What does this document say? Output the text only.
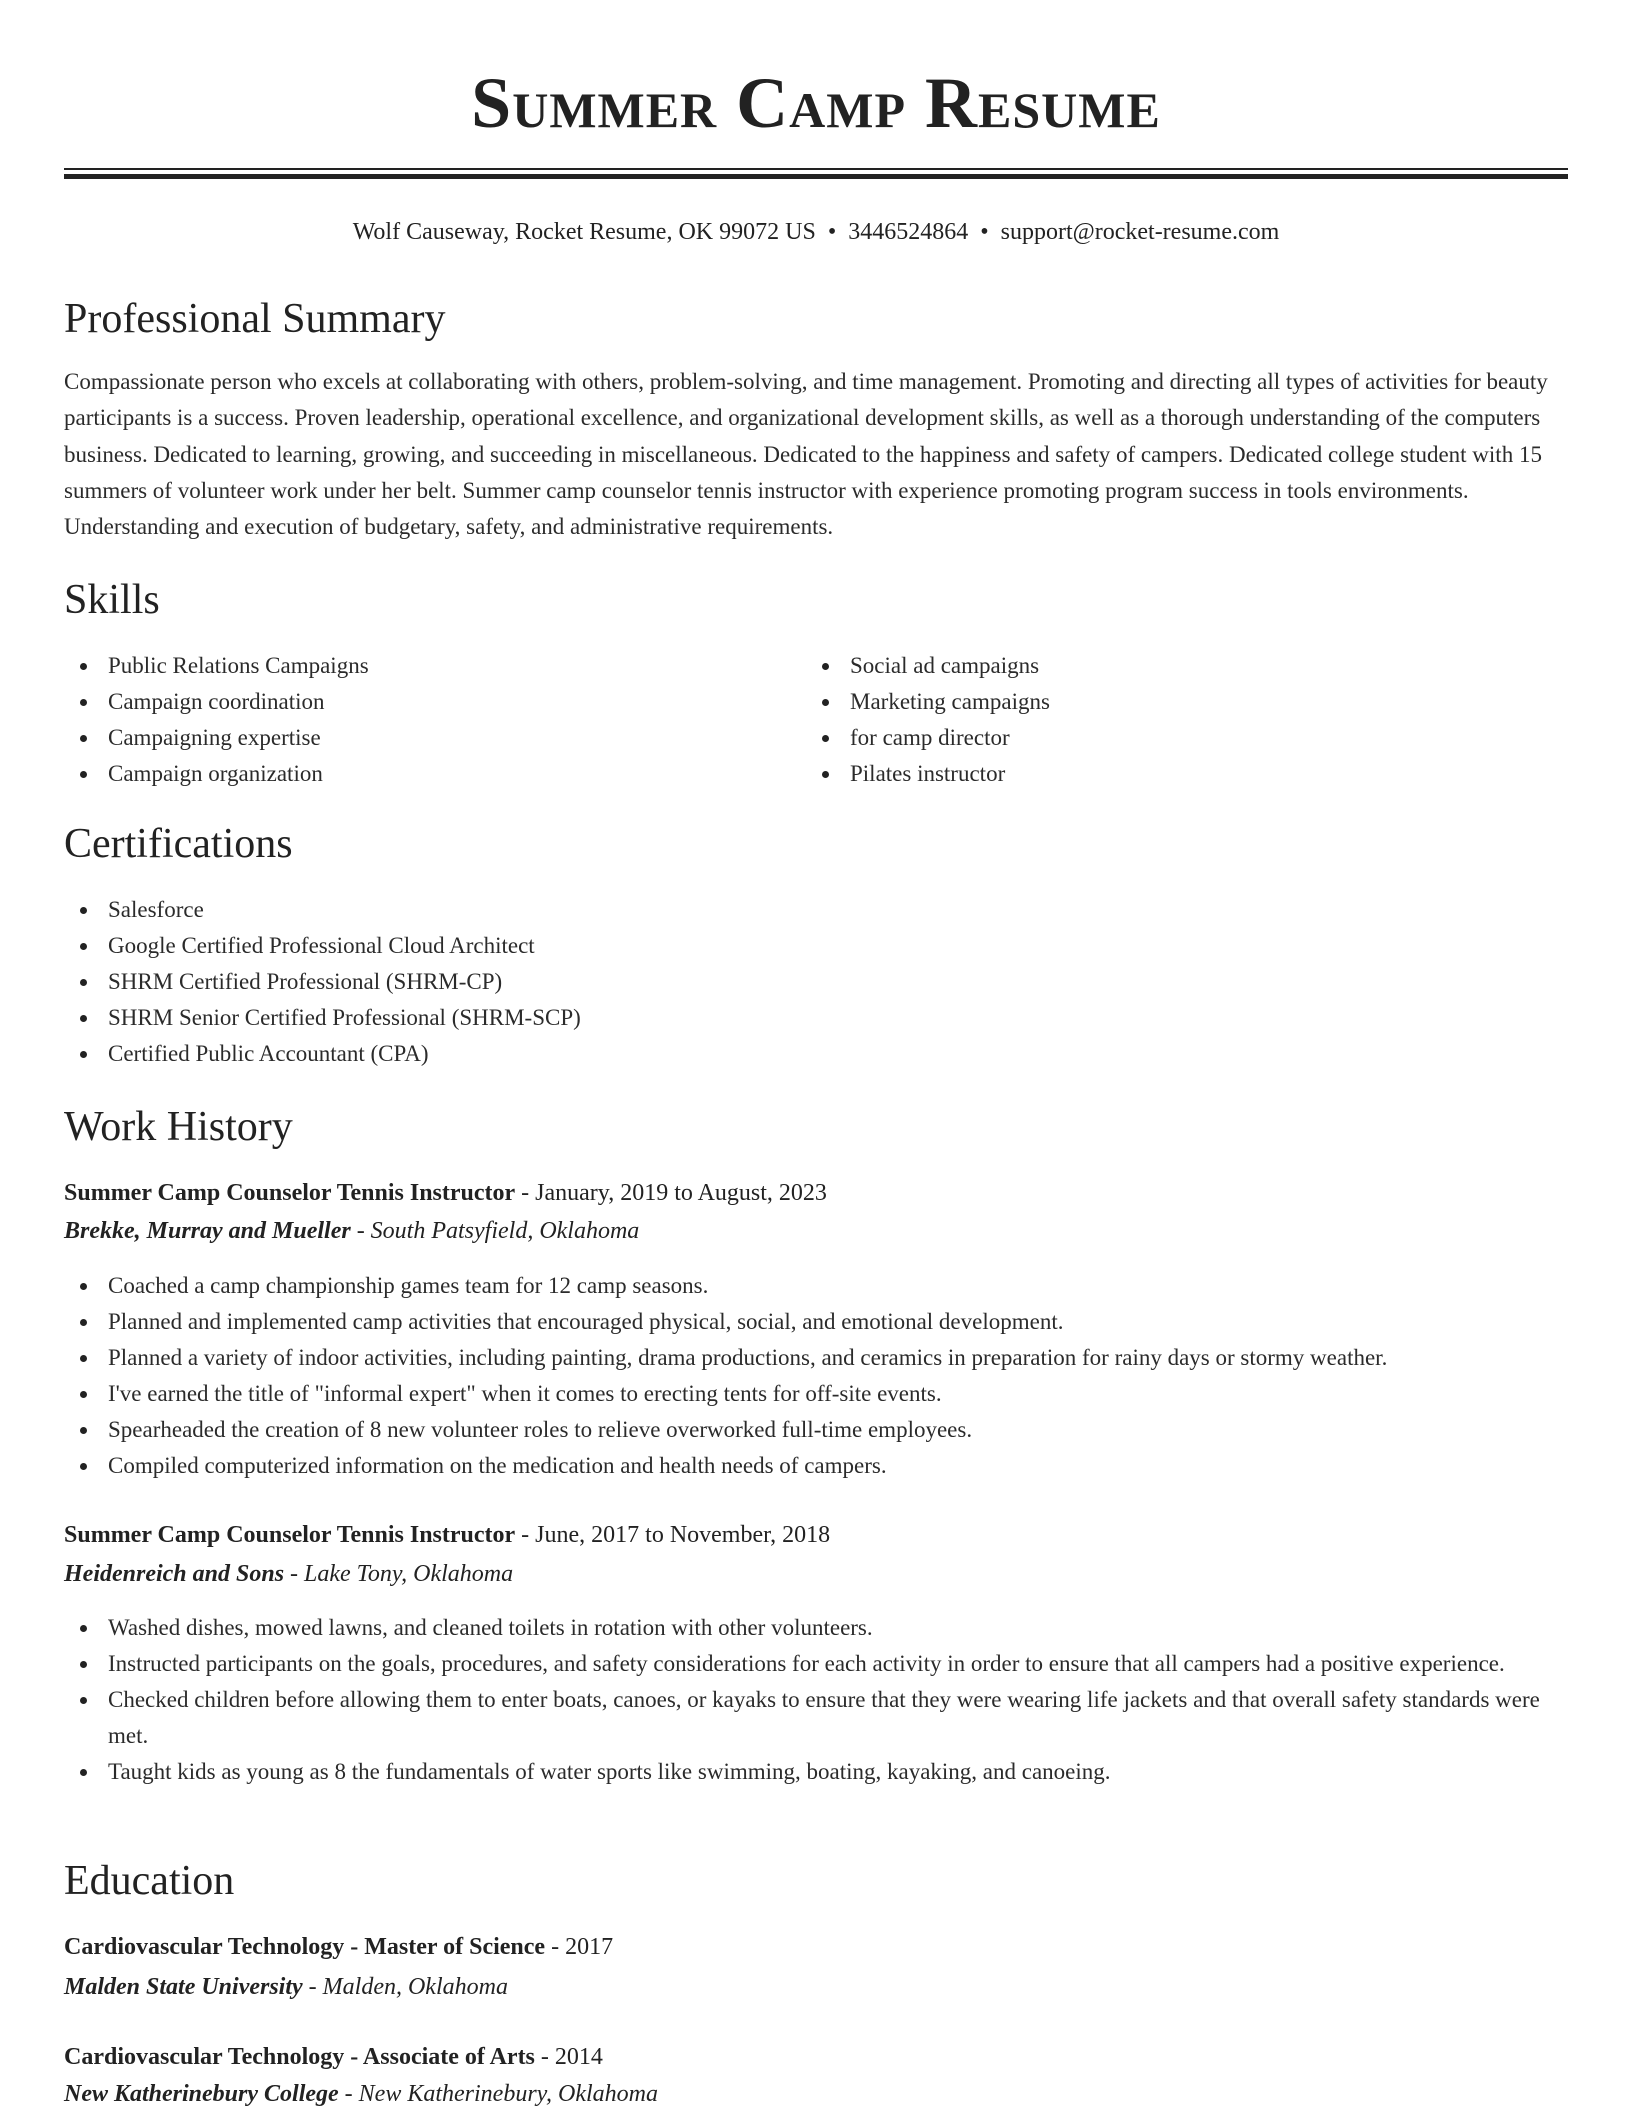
Summer Camp Resume
Wolf Causeway, Rocket Resume, OK 99072 US • 3446524864 • support@rocket-resume.com
Professional Summary

Compassionate person who excels at collaborating with others, problem-solving, and time management. Promoting and directing all types of activities for beauty participants is a success. Proven leadership, operational excellence, and organizational development skills, as well as a thorough understanding of the computers business. Dedicated to learning, growing, and succeeding in miscellaneous. Dedicated to the happiness and safety of campers. Dedicated college student with 15 summers of volunteer work under her belt. Summer camp counselor tennis instructor with experience promoting program success in tools environments. Understanding and execution of budgetary, safety, and administrative requirements.

Skills
Public Relations Campaigns
Campaign coordination
Campaigning expertise
Campaign organization
Social ad campaigns
Marketing campaigns
for camp director
Pilates instructor
Certifications
Salesforce
Google Certified Professional Cloud Architect
SHRM Certified Professional (SHRM-CP)
SHRM Senior Certified Professional (SHRM-SCP)
Certified Public Accountant (CPA)
Work History
Summer Camp Counselor Tennis Instructor - January, 2019 to August, 2023
Brekke, Murray and Mueller - South Patsyfield, Oklahoma
Coached a camp championship games team for 12 camp seasons.
Planned and implemented camp activities that encouraged physical, social, and emotional development.
Planned a variety of indoor activities, including painting, drama productions, and ceramics in preparation for rainy days or stormy weather.
I've earned the title of "informal expert" when it comes to erecting tents for off-site events.
Spearheaded the creation of 8 new volunteer roles to relieve overworked full-time employees.
Compiled computerized information on the medication and health needs of campers.
Summer Camp Counselor Tennis Instructor - June, 2017 to November, 2018
Heidenreich and Sons - Lake Tony, Oklahoma
Washed dishes, mowed lawns, and cleaned toilets in rotation with other volunteers.
Instructed participants on the goals, procedures, and safety considerations for each activity in order to ensure that all campers had a positive experience.
Checked children before allowing them to enter boats, canoes, or kayaks to ensure that they were wearing life jackets and that overall safety standards were met.
Taught kids as young as 8 the fundamentals of water sports like swimming, boating, kayaking, and canoeing.
Education
Cardiovascular Technology - Master of Science - 2017
Malden State University - Malden, Oklahoma
Cardiovascular Technology - Associate of Arts - 2014
New Katherinebury College - New Katherinebury, Oklahoma
